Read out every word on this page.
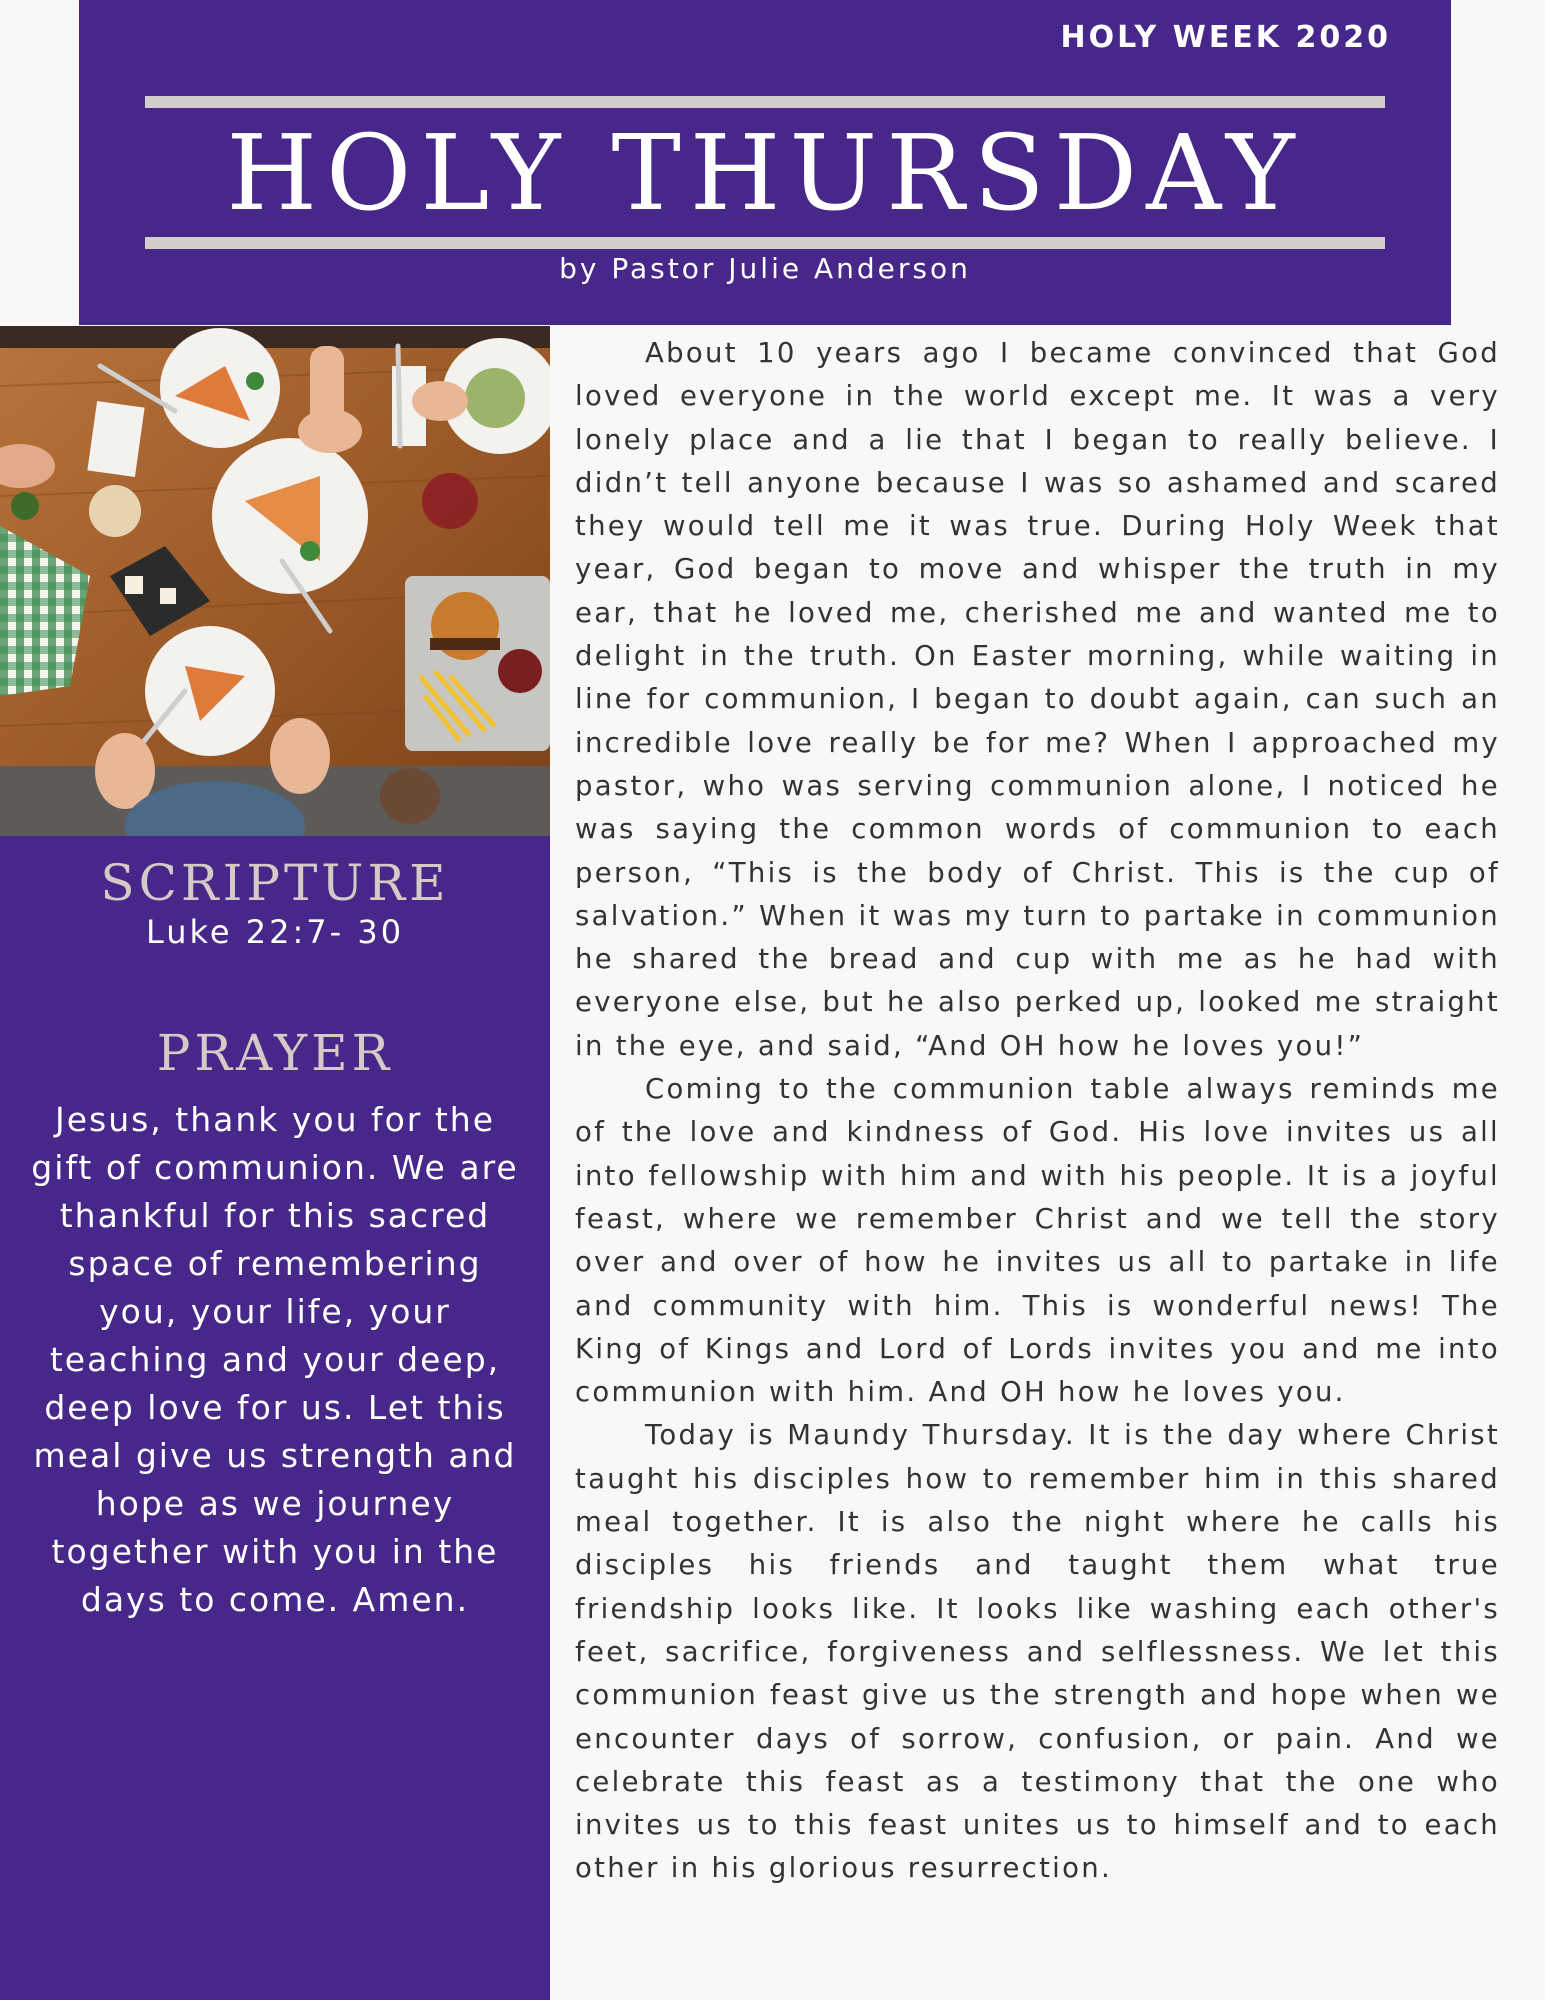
HOLY WEEK 2020
HOLY THURSDAY
by Pastor Julie Anderson
SCRIPTURE
Luke 22:7- 30
PRAYER
Jesus, thank you for the gift of communion. We are thankful for this sacred space of remembering you, your life, your teaching and your deep, deep love for us. Let this meal give us strength and hope as we journey together with you in the days to come. Amen.

About 10 years ago I became convinced that God loved everyone in the world except me. It was a very lonely place and a lie that I began to really believe. I didn’t tell anyone because I was so ashamed and scared they would tell me it was true. During Holy Week that year, God began to move and whisper the truth in my ear, that he loved me, cherished me and wanted me to delight in the truth. On Easter morning, while waiting in line for communion, I began to doubt again, can such an incredible love really be for me? When I approached my pastor, who was serving communion alone, I noticed he was saying the common words of communion to each person, “This is the body of Christ. This is the cup of salvation.” When it was my turn to partake in communion he shared the bread and cup with me as he had with everyone else, but he also perked up, looked me straight in the eye, and said, “And OH how he loves you!”

Coming to the communion table always reminds me of the love and kindness of God. His love invites us all into fellowship with him and with his people. It is a joyful feast, where we remember Christ and we tell the story over and over of how he invites us all to partake in life and community with him. This is wonderful news! The King of Kings and Lord of Lords invites you and me into communion with him. And OH how he loves you.

Today is Maundy Thursday. It is the day where Christ taught his disciples how to remember him in this shared meal together. It is also the night where he calls his disciples his friends and taught them what true friendship looks like. It looks like washing each other's feet, sacrifice, forgiveness and selflessness. We let this communion feast give us the strength and hope when we encounter days of sorrow, confusion, or pain. And we celebrate this feast as a testimony that the one who invites us to this feast unites us to himself and to each other in his glorious resurrection.
